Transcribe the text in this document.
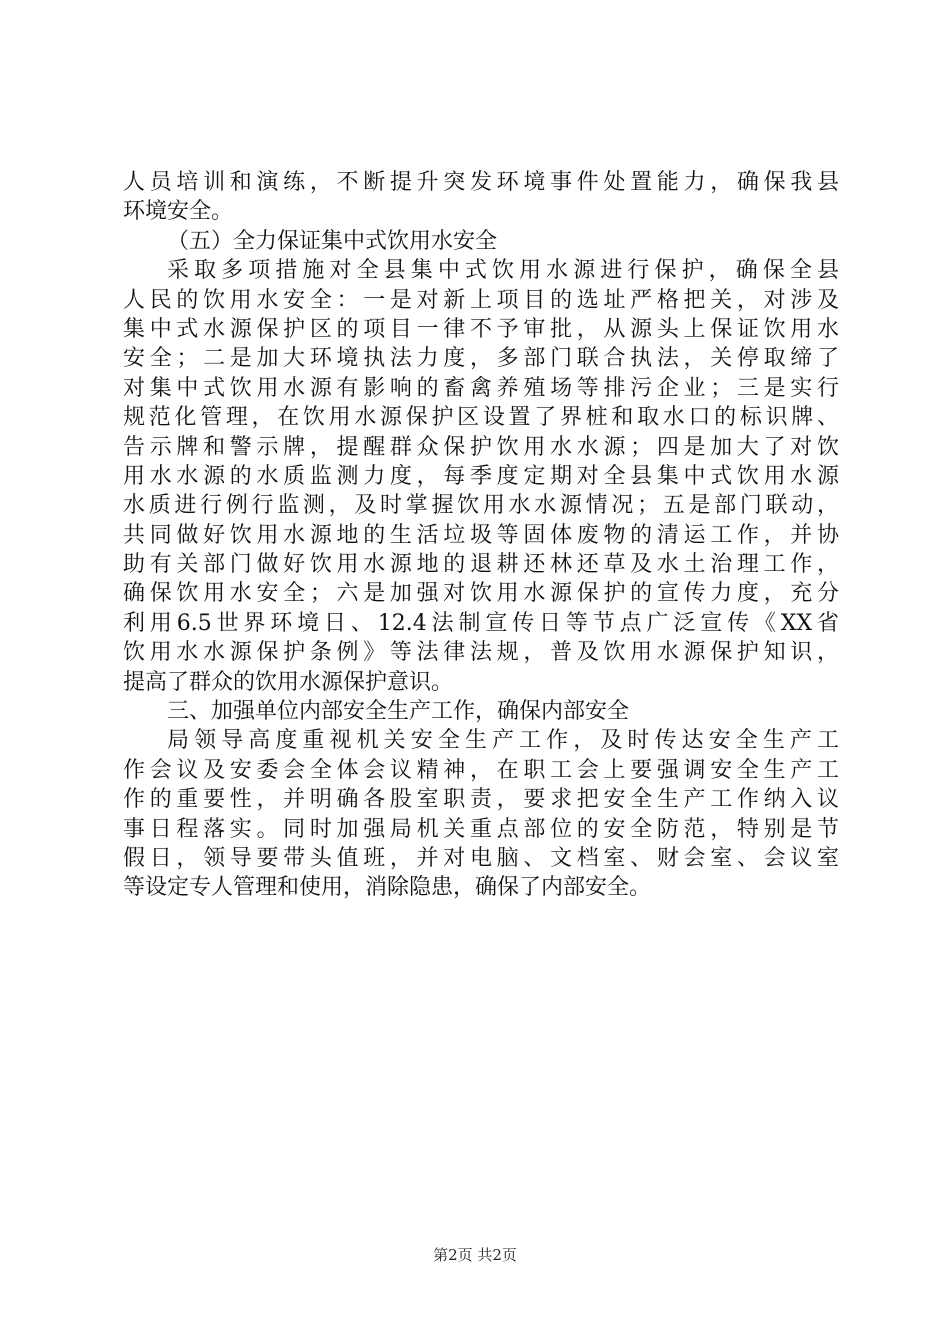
人员培训和演练，不断提升突发环境事件处置能力，确保我县
环境安全。
（五）全力保证集中式饮用水安全
采取多项措施对全县集中式饮用水源进行保护，确保全县
人民的饮用水安全：一是对新上项目的选址严格把关，对涉及
集中式水源保护区的项目一律不予审批，从源头上保证饮用水
安全；二是加大环境执法力度，多部门联合执法，关停取缔了
对集中式饮用水源有影响的畜禽养殖场等排污企业；三是实行
规范化管理，在饮用水源保护区设置了界桩和取水口的标识牌、
告示牌和警示牌，提醒群众保护饮用水水源；四是加大了对饮
用水水源的水质监测力度，每季度定期对全县集中式饮用水源
水质进行例行监测，及时掌握饮用水水源情况；五是部门联动，
共同做好饮用水源地的生活垃圾等固体废物的清运工作，并协
助有关部门做好饮用水源地的退耕还林还草及水土治理工作，
确保饮用水安全；六是加强对饮用水源保护的宣传力度，充分
利用6.5世界环境日、12.4法制宣传日等节点广泛宣传《XX省
饮用水水源保护条例》等法律法规，普及饮用水源保护知识，
提高了群众的饮用水源保护意识。
三、加强单位内部安全生产工作，确保内部安全
局领导高度重视机关安全生产工作，及时传达安全生产工
作会议及安委会全体会议精神，在职工会上要强调安全生产工
作的重要性，并明确各股室职责，要求把安全生产工作纳入议
事日程落实。同时加强局机关重点部位的安全防范，特别是节
假日，领导要带头值班，并对电脑、文档室、财会室、会议室
等设定专人管理和使用，消除隐患，确保了内部安全。
第2页 共2页
